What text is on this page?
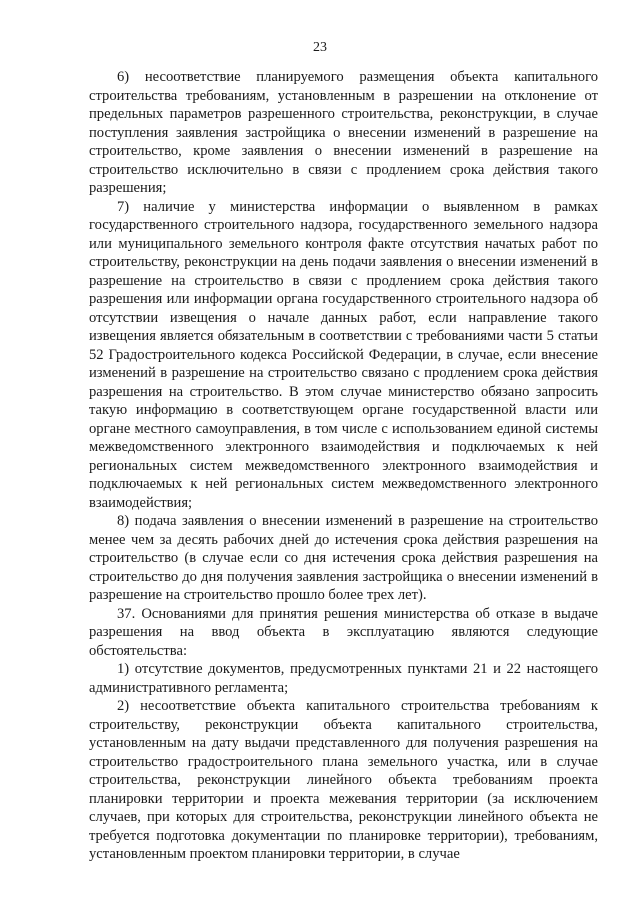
23

6) несоответствие планируемого размещения объекта капитального строительства требованиям, установленным в разрешении на отклонение от предельных параметров разрешенного строительства, реконструкции, в случае поступления заявления застройщика о внесении изменений в разрешение на строительство, кроме заявления о внесении изменений в разрешение на строительство исключительно в связи с продлением срока действия такого разрешения;

7) наличие у министерства информации о выявленном в рамках государственного строительного надзора, государственного земельного надзора или муниципального земельного контроля факте отсутствия начатых работ по строительству, реконструкции на день подачи заявления о внесении изменений в разрешение на строительство в связи с продлением срока действия такого разрешения или информации органа государственного строительного надзора об отсутствии извещения о начале данных работ, если направление такого извещения является обязательным в соответствии с требованиями части 5 статьи 52 Градостроительного кодекса Российской Федерации, в случае, если внесение изменений в разрешение на строительство связано с продлением срока действия разрешения на строительство. В этом случае министерство обязано запросить такую информацию в соответствующем органе государственной власти или органе местного самоуправления, в том числе с использованием единой системы межведомственного электронного взаимодействия и подключаемых к ней региональных систем межведомственного электронного взаимодействия и подключаемых к ней региональных систем межведомственного электронного взаимодействия;

8) подача заявления о внесении изменений в разрешение на строительство менее чем за десять рабочих дней до истечения срока действия разрешения на строительство (в случае если со дня истечения срока действия разрешения на строительство до дня получения заявления застройщика о внесении изменений в разрешение на строительство прошло более трех лет).

37. Основаниями для принятия решения министерства об отказе в выдаче разрешения на ввод объекта в эксплуатацию являются следующие обстоятельства:

1) отсутствие документов, предусмотренных пунктами 21 и 22 настоящего административного регламента;

2) несоответствие объекта капитального строительства требованиям к строительству, реконструкции объекта капитального строительства, установленным на дату выдачи представленного для получения разрешения на строительство градостроительного плана земельного участка, или в случае строительства, реконструкции линейного объекта требованиям проекта планировки территории и проекта межевания территории (за исключением случаев, при которых для строительства, реконструкции линейного объекта не требуется подготовка документации по планировке территории), требованиям, установленным проектом планировки территории, в случае
